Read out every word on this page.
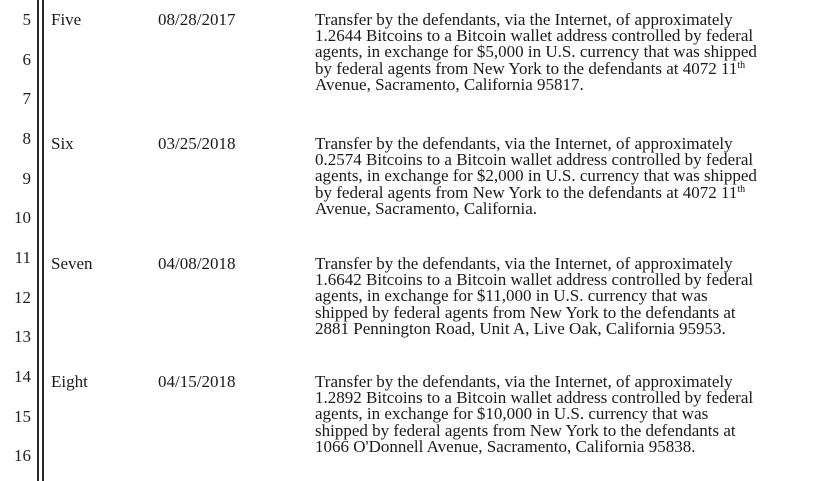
5
6
7
8
9
10
11
12
13
14
15
16
Five	08/28/2017	Transfer by the defendants, via the Internet, of approximately
1.2644 Bitcoins to a Bitcoin wallet address controlled by federal
agents, in exchange for $5,000 in U.S. currency that was shipped
by federal agents from New York to the defendants at 4072 11th
Avenue, Sacramento, California 95817.
Six	03/25/2018	Transfer by the defendants, via the Internet, of approximately
0.2574 Bitcoins to a Bitcoin wallet address controlled by federal
agents, in exchange for $2,000 in U.S. currency that was shipped
by federal agents from New York to the defendants at 4072 11th
Avenue, Sacramento, California.
Seven	04/08/2018	Transfer by the defendants, via the Internet, of approximately
1.6642 Bitcoins to a Bitcoin wallet address controlled by federal
agents, in exchange for $11,000 in U.S. currency that was
shipped by federal agents from New York to the defendants at
2881 Pennington Road, Unit A, Live Oak, California 95953.
Eight	04/15/2018	Transfer by the defendants, via the Internet, of approximately
1.2892 Bitcoins to a Bitcoin wallet address controlled by federal
agents, in exchange for $10,000 in U.S. currency that was
shipped by federal agents from New York to the defendants at
1066 O'Donnell Avenue, Sacramento, California 95838.
